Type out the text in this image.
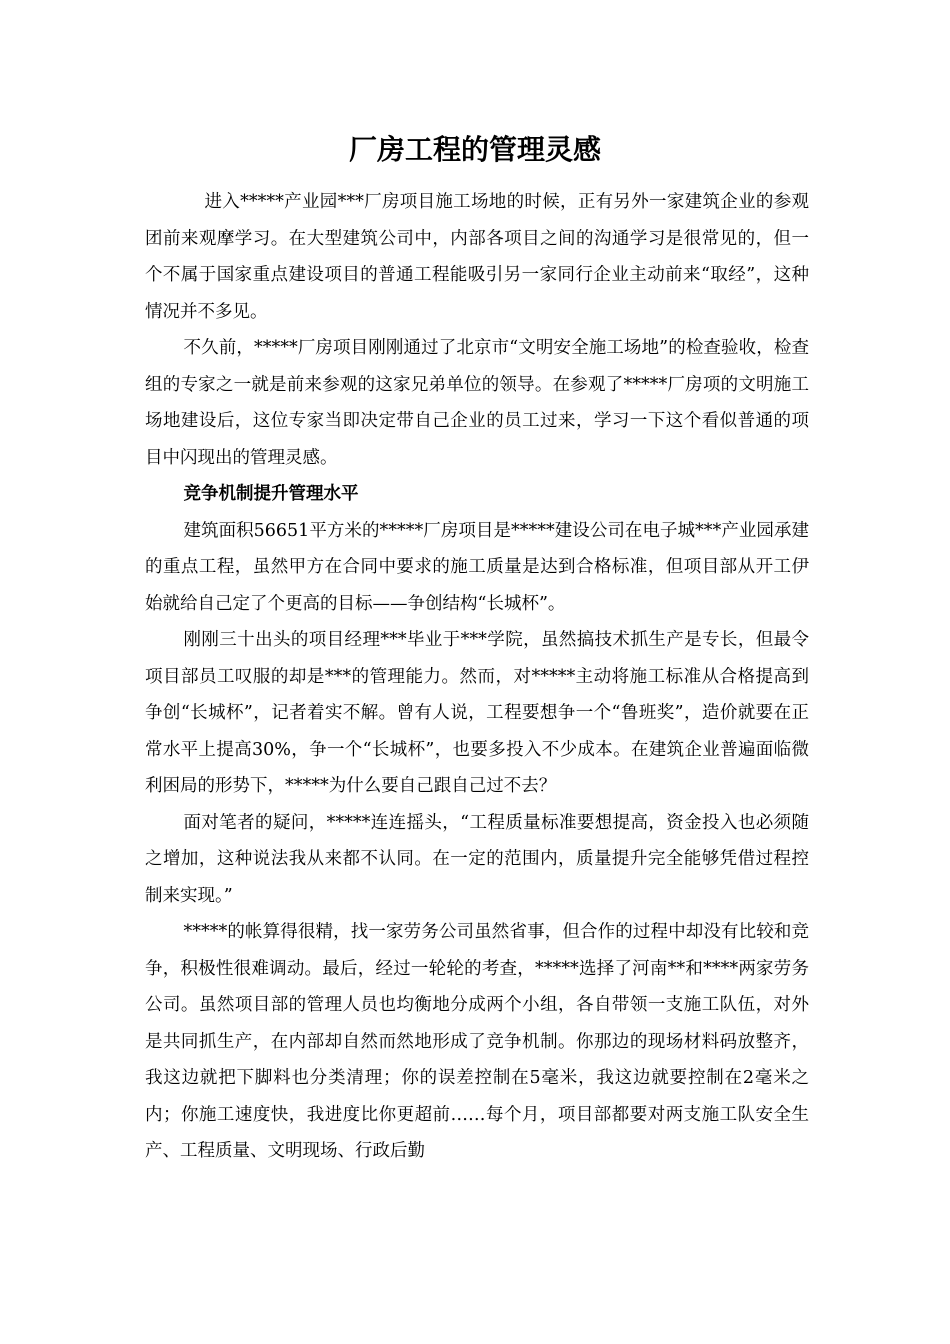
厂房工程的管理灵感

进入*****产业园***厂房项目施工场地的时候，正有另外一家建筑企业的参观团前来观摩学习。在大型建筑公司中，内部各项目之间的沟通学习是很常见的，但一个不属于国家重点建设项目的普通工程能吸引另一家同行企业主动前来“取经”，这种情况并不多见。

不久前，*****厂房项目刚刚通过了北京市“文明安全施工场地”的检查验收，检查组的专家之一就是前来参观的这家兄弟单位的领导。在参观了*****厂房项的文明施工场地建设后，这位专家当即决定带自己企业的员工过来，学习一下这个看似普通的项目中闪现出的管理灵感。

竞争机制提升管理水平

建筑面积56651平方米的*****厂房项目是*****建设公司在电子城***产业园承建的重点工程，虽然甲方在合同中要求的施工质量是达到合格标准，但项目部从开工伊始就给自己定了个更高的目标——争创结构“长城杯”。

刚刚三十出头的项目经理***毕业于***学院，虽然搞技术抓生产是专长，但最令项目部员工叹服的却是***的管理能力。然而，对*****主动将施工标准从合格提高到争创“长城杯”，记者着实不解。曾有人说，工程要想争一个“鲁班奖”，造价就要在正常水平上提高30%，争一个“长城杯”，也要多投入不少成本。在建筑企业普遍面临微利困局的形势下，*****为什么要自己跟自己过不去？

面对笔者的疑问，*****连连摇头，“工程质量标准要想提高，资金投入也必须随之增加，这种说法我从来都不认同。在一定的范围内，质量提升完全能够凭借过程控制来实现。”

*****的帐算得很精，找一家劳务公司虽然省事，但合作的过程中却没有比较和竞争，积极性很难调动。最后，经过一轮轮的考查，*****选择了河南**和****两家劳务公司。虽然项目部的管理人员也均衡地分成两个小组，各自带领一支施工队伍，对外是共同抓生产，在内部却自然而然地形成了竞争机制。你那边的现场材料码放整齐，我这边就把下脚料也分类清理；你的误差控制在5毫米，我这边就要控制在2毫米之内；你施工速度快，我进度比你更超前……每个月，项目部都要对两支施工队安全生产、工程质量、文明现场、行政后勤
